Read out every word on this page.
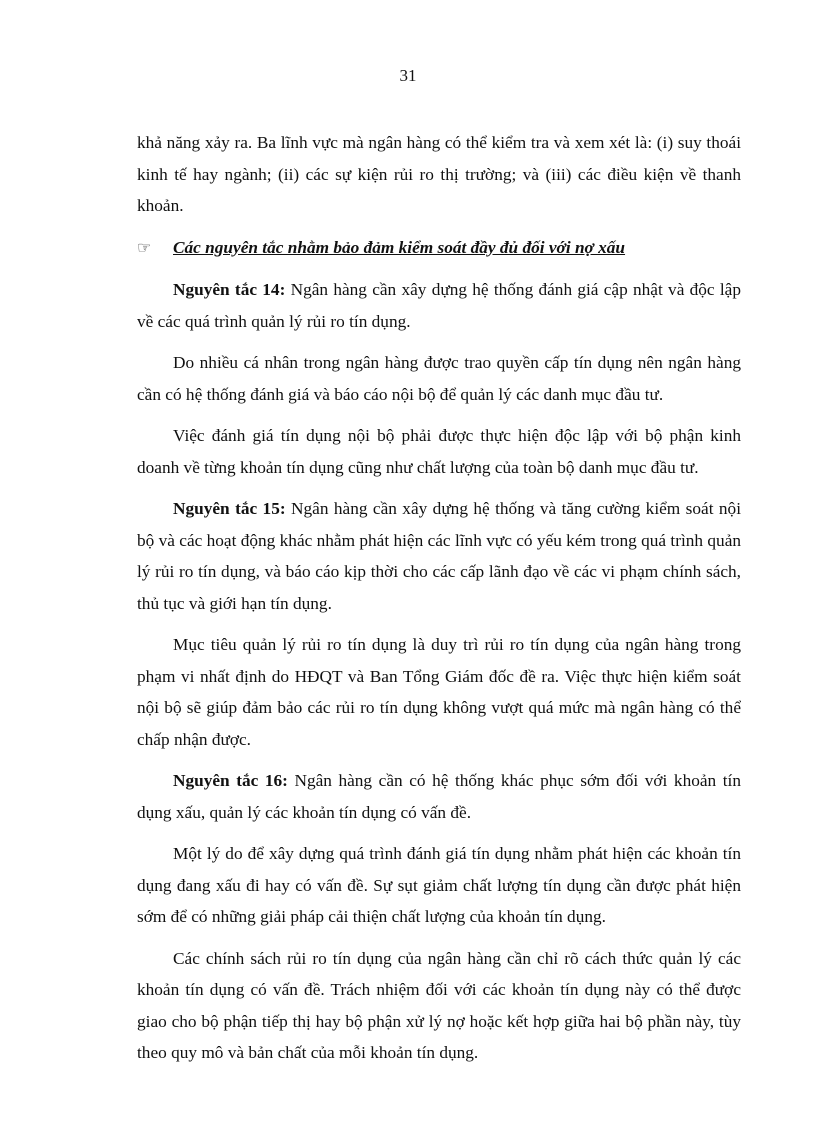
31

khả năng xảy ra. Ba lĩnh vực mà ngân hàng có thể kiểm tra và xem xét là: (i) suy thoái kinh tế hay ngành; (ii) các sự kiện rủi ro thị trường; và (iii) các điều kiện về thanh khoản.

☞	Các nguyên tắc nhằm bảo đảm kiểm soát đầy đủ đối với nợ xấu

Nguyên tắc 14: Ngân hàng cần xây dựng hệ thống đánh giá cập nhật và độc lập về các quá trình quản lý rủi ro tín dụng.

Do nhiều cá nhân trong ngân hàng được trao quyền cấp tín dụng nên ngân hàng cần có hệ thống đánh giá và báo cáo nội bộ để quản lý các danh mục đầu tư.

Việc đánh giá tín dụng nội bộ phải được thực hiện độc lập với bộ phận kinh doanh về từng khoản tín dụng cũng như chất lượng của toàn bộ danh mục đầu tư.

Nguyên tắc 15: Ngân hàng cần xây dựng hệ thống và tăng cường kiểm soát nội bộ và các hoạt động khác nhằm phát hiện các lĩnh vực có yếu kém trong quá trình quản lý rủi ro tín dụng, và báo cáo kịp thời cho các cấp lãnh đạo về các vi phạm chính sách, thủ tục và giới hạn tín dụng.

Mục tiêu quản lý rủi ro tín dụng là duy trì rủi ro tín dụng của ngân hàng trong phạm vi nhất định do HĐQT và Ban Tổng Giám đốc đề ra. Việc thực hiện kiểm soát nội bộ sẽ giúp đảm bảo các rủi ro tín dụng không vượt quá mức mà ngân hàng có thể chấp nhận được.

Nguyên tắc 16: Ngân hàng cần có hệ thống khác phục sớm đối với khoản tín dụng xấu, quản lý các khoản tín dụng có vấn đề.

Một lý do để xây dựng quá trình đánh giá tín dụng nhằm phát hiện các khoản tín dụng đang xấu đi hay có vấn đề. Sự sụt giảm chất lượng tín dụng cần được phát hiện sớm để có những giải pháp cải thiện chất lượng của khoản tín dụng.

Các chính sách rủi ro tín dụng của ngân hàng cần chỉ rõ cách thức quản lý các khoản tín dụng có vấn đề. Trách nhiệm đối với các khoản tín dụng này có thể được giao cho bộ phận tiếp thị hay bộ phận xử lý nợ hoặc kết hợp giữa hai bộ phần này, tùy theo quy mô và bản chất của mỗi khoản tín dụng.
